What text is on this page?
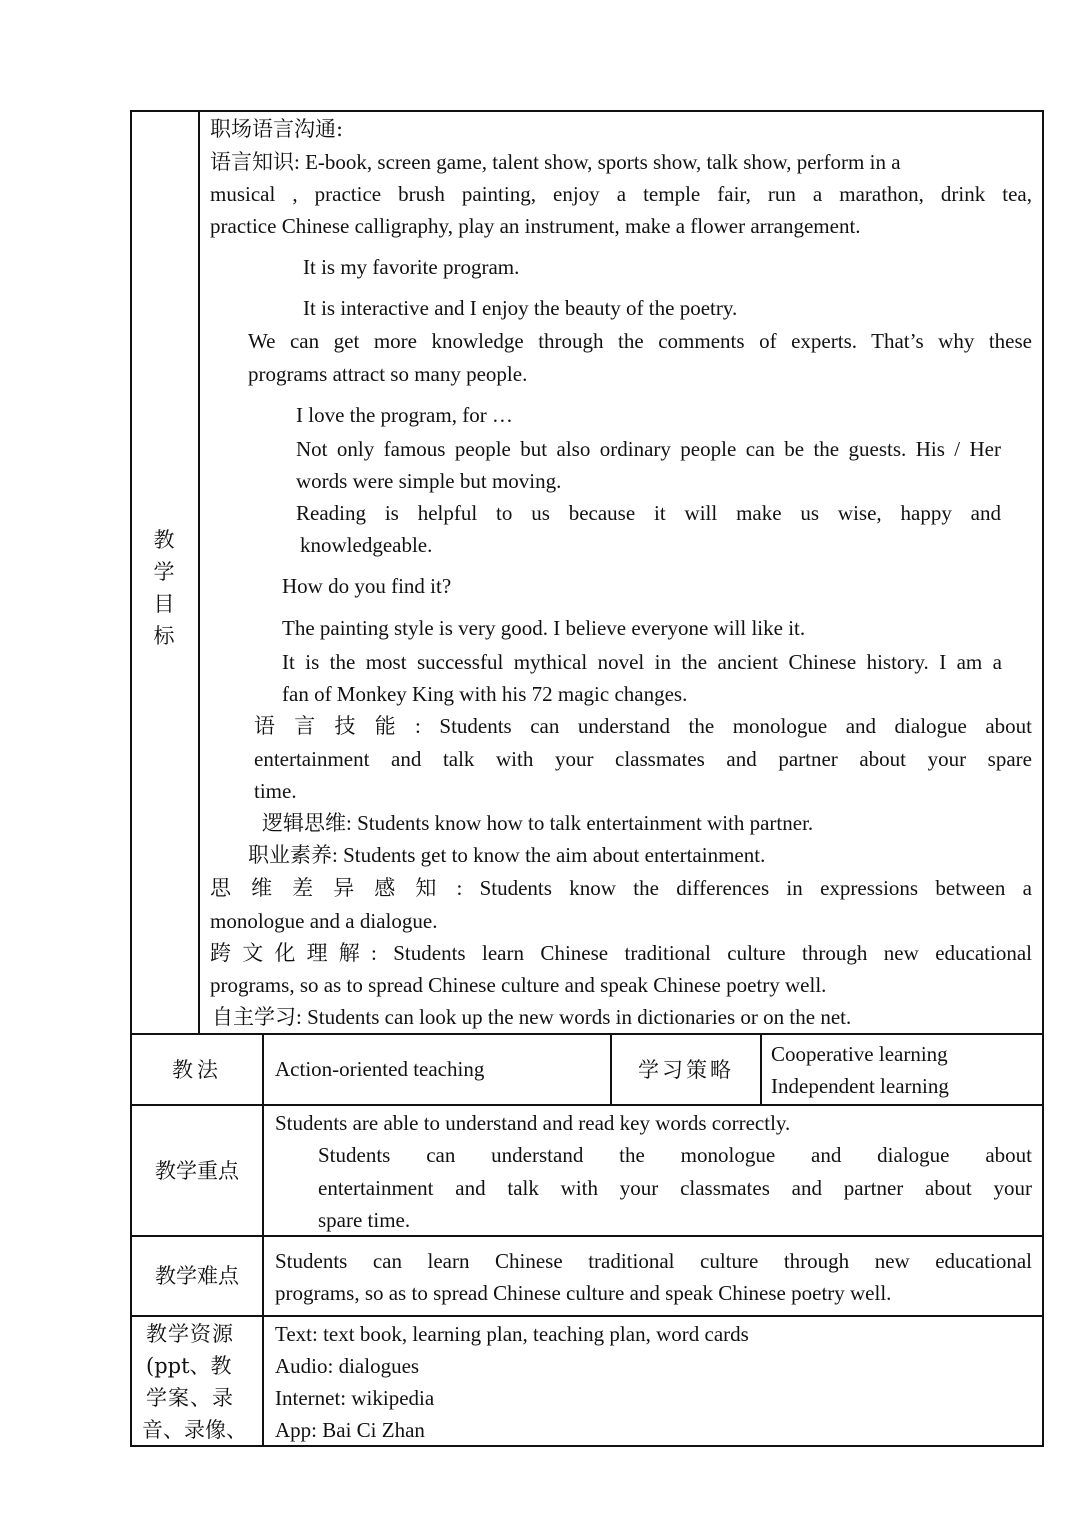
教
学
目
标
职场语言沟通:
语言知识: E-book, screen game, talent show, sports show, talk show, perform in a
musical , practice brush painting, enjoy a temple fair, run a marathon, drink tea,
practice Chinese calligraphy, play an instrument, make a flower arrangement.
It is my favorite program.
It is interactive and I enjoy the beauty of the poetry.
We can get more knowledge through the comments of experts. That’s why these
programs attract so many people.
I love the program, for …
Not only famous people but also ordinary people can be the guests. His / Her
words were simple but moving.
Reading is helpful to us because it will make us wise, happy and
knowledgeable.
How do you find it?
The painting style is very good. I believe everyone will like it.
It is the most successful mythical novel in the ancient Chinese history. I am a
fan of Monkey King with his 72 magic changes.
语言技能: Students can understand the monologue and dialogue about
entertainment and talk with your classmates and partner about your spare
time.
逻辑思维: Students know how to talk entertainment with partner.
职业素养: Students get to know the aim about entertainment.
思维差异感知: Students know the differences in expressions between a
monologue and a dialogue.
跨文化理解: Students learn Chinese traditional culture through new educational
programs, so as to spread Chinese culture and speak Chinese poetry well.
自主学习: Students can look up the new words in dictionaries or on the net.
教法	Action-oriented teaching	学习策略
Cooperative learning
Independent learning
教学重点
Students are able to understand and read key words correctly.
Students can understand the monologue and dialogue about
entertainment and talk with your classmates and partner about your
spare time.
教学难点
Students can learn Chinese traditional culture through new educational
programs, so as to spread Chinese culture and speak Chinese poetry well.
教学资源
(ppt、教
学案、录
音、录像、
Text: text book, learning plan, teaching plan, word cards
Audio: dialogues
Internet: wikipedia
App: Bai Ci Zhan
